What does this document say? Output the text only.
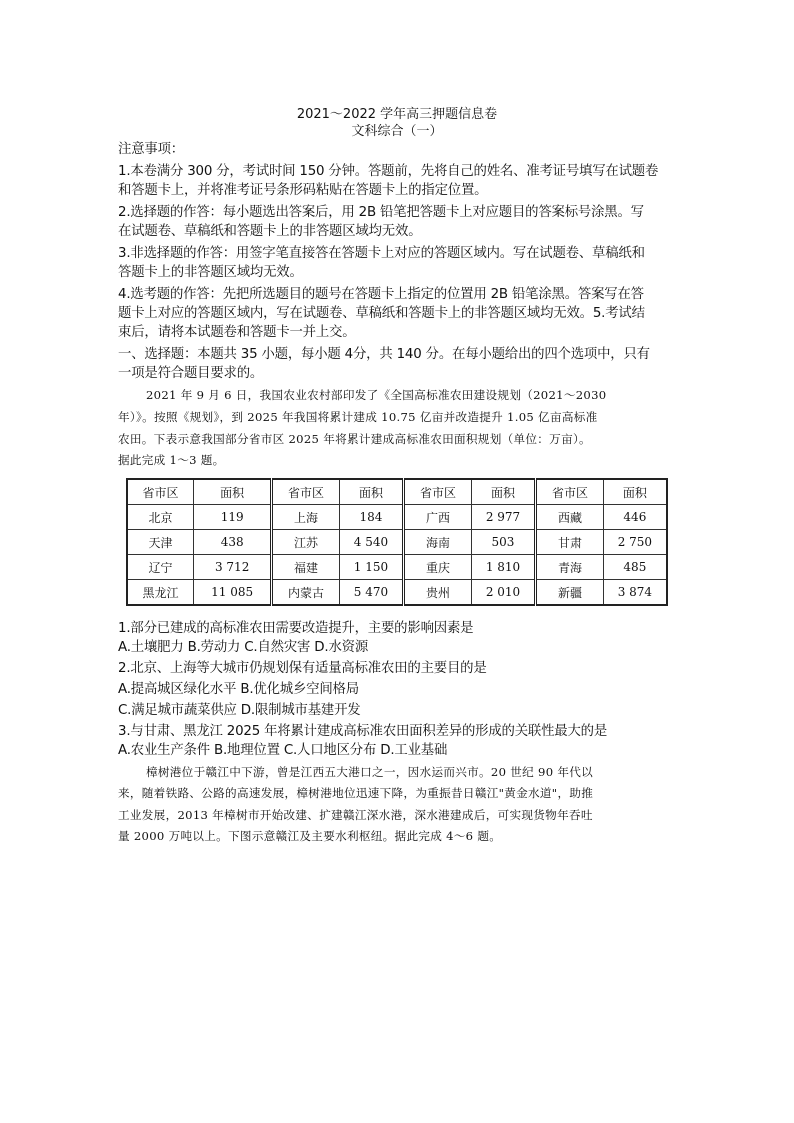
2021～2022 学年高三押题信息卷
文科综合（一）
注意事项：
1.本卷满分 300 分，考试时间 150 分钟。答题前，先将自己的姓名、准考证号填写在试题卷
和答题卡上，并将准考证号条形码粘贴在答题卡上的指定位置。
2.选择题的作答：每小题选出答案后，用 2B 铅笔把答题卡上对应题目的答案标号涂黑。写
在试题卷、草稿纸和答题卡上的非答题区域均无效。
3.非选择题的作答：用签字笔直接答在答题卡上对应的答题区域内。写在试题卷、草稿纸和
答题卡上的非答题区域均无效。
4.选考题的作答：先把所选题目的题号在答题卡上指定的位置用 2B 铅笔涂黑。答案写在答
题卡上对应的答题区域内，写在试题卷、草稿纸和答题卡上的非答题区域均无效。5.考试结
束后，请将本试题卷和答题卡一并上交。
一、选择题：本题共 35 小题，每小题 4分，共 140 分。在每小题给出的四个选项中，只有
一项是符合题目要求的。
2021 年 9 月 6 日，我国农业农村部印发了《全国高标准农田建设规划（2021～2030
年）》。按照《规划》，到 2025 年我国将累计建成 10.75 亿亩并改造提升 1.05 亿亩高标准
农田。下表示意我国部分省市区 2025 年将累计建成高标准农田面积规划（单位：万亩）。
据此完成 1～3 题。
省市区	面积	省市区	面积	省市区	面积	省市区	面积
北京	119	上海	184	广西	2 977	西藏	446
天津	438	江苏	4 540	海南	503	甘肃	2 750
辽宁	3 712	福建	1 150	重庆	1 810	青海	485
黑龙江	11 085	内蒙古	5 470	贵州	2 010	新疆	3 874
1.部分已建成的高标准农田需要改造提升，主要的影响因素是
A.土壤肥力 B.劳动力 C.自然灾害 D.水资源
2.北京、上海等大城市仍规划保有适量高标准农田的主要目的是
A.提高城区绿化水平 B.优化城乡空间格局
C.满足城市蔬菜供应 D.限制城市基建开发
3.与甘肃、黑龙江 2025 年将累计建成高标准农田面积差异的形成的关联性最大的是
A.农业生产条件 B.地理位置 C.人口地区分布 D.工业基础
樟树港位于赣江中下游，曾是江西五大港口之一，因水运而兴市。20 世纪 90 年代以
来，随着铁路、公路的高速发展，樟树港地位迅速下降，为重振昔日赣江"黄金水道"，助推
工业发展，2013 年樟树市开始改建、扩建赣江深水港，深水港建成后，可实现货物年吞吐
量 2000 万吨以上。下图示意赣江及主要水利枢纽。据此完成 4～6 题。
